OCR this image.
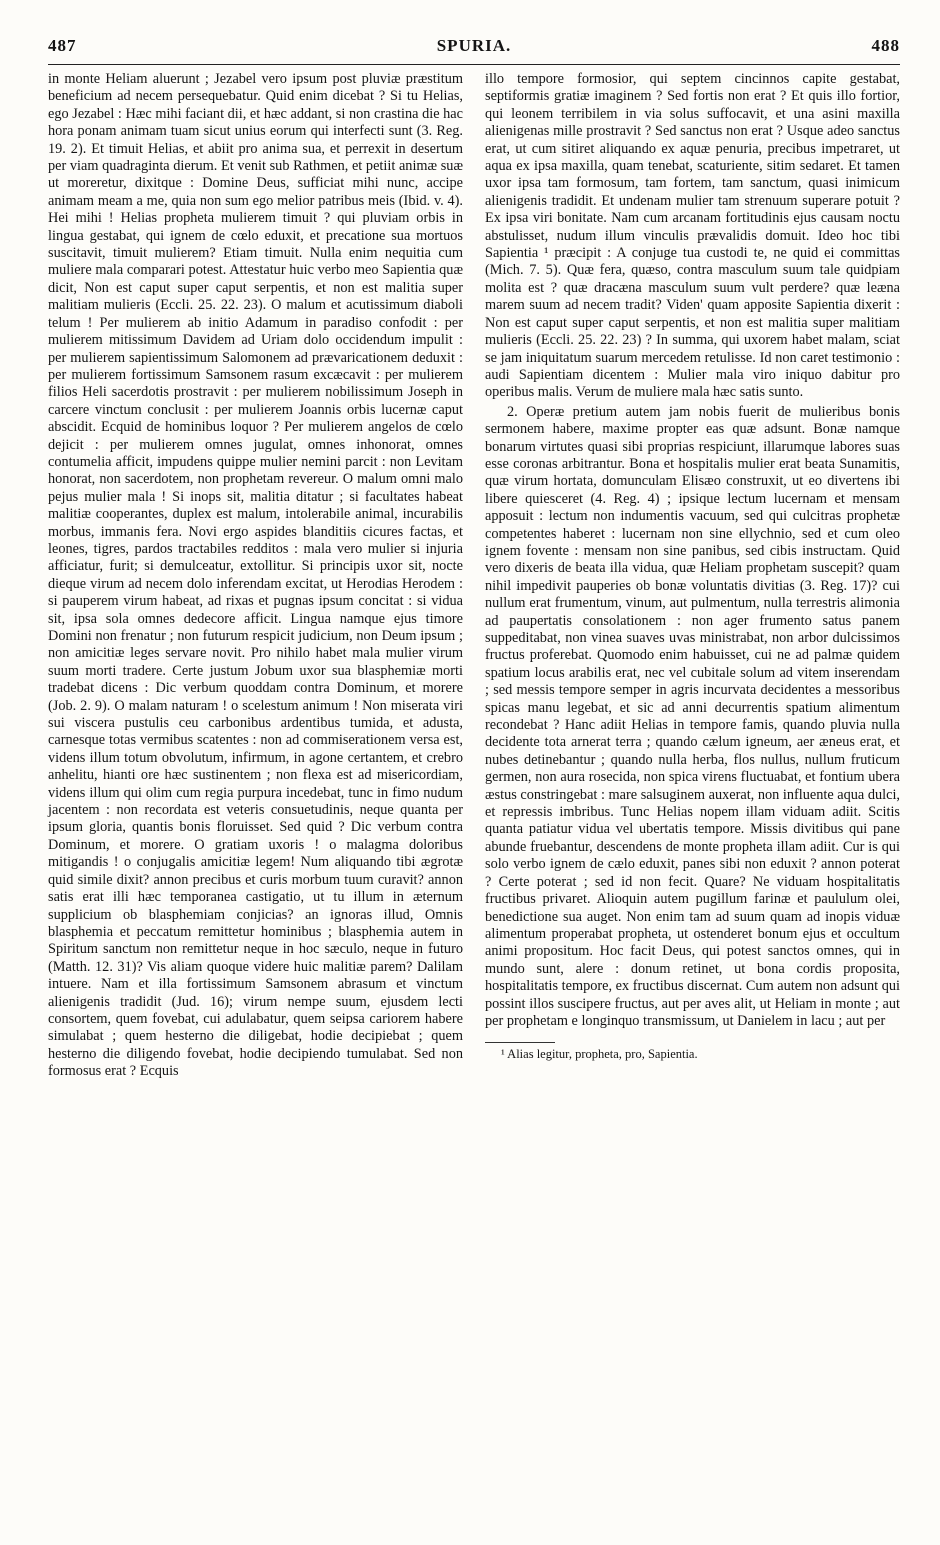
487	SPURIA.	488

in monte Heliam aluerunt ; Jezabel vero ipsum post pluviæ præstitum beneficium ad necem persequebatur. Quid enim dicebat ? Si tu Helias, ego Jezabel : Hæc mihi faciant dii, et hæc addant, si non crastina die hac hora ponam animam tuam sicut unius eorum qui interfecti sunt (3. Reg. 19. 2). Et timuit Helias, et abiit pro anima sua, et perrexit in desertum per viam quadraginta dierum. Et venit sub Rathmen, et petiit animæ suæ ut moreretur, dixitque : Domine Deus, sufficiat mihi nunc, accipe animam meam a me, quia non sum ego melior patribus meis (Ibid. v. 4). Hei mihi ! Helias propheta mulierem timuit ? qui pluviam orbis in lingua gestabat, qui ignem de cœlo eduxit, et precatione sua mortuos suscitavit, timuit mulierem? Etiam timuit. Nulla enim nequitia cum muliere mala comparari potest. Attestatur huic verbo meo Sapientia quæ dicit, Non est caput super caput serpentis, et non est malitia super malitiam mulieris (Eccli. 25. 22. 23). O malum et acutissimum diaboli telum ! Per mulierem ab initio Adamum in paradiso confodit : per mulierem mitissimum Davidem ad Uriam dolo occidendum impulit : per mulierem sapientissimum Salomonem ad prævaricationem deduxit : per mulierem fortissimum Samsonem rasum excæcavit : per mulierem filios Heli sacerdotis prostravit : per mulierem nobilissimum Joseph in carcere vinctum conclusit : per mulierem Joannis orbis lucernæ caput abscidit. Ecquid de hominibus loquor ? Per mulierem angelos de cœlo dejicit : per mulierem omnes jugulat, omnes inhonorat, omnes contumelia afficit, impudens quippe mulier nemini parcit : non Levitam honorat, non sacerdotem, non prophetam revereur. O malum omni malo pejus mulier mala ! Si inops sit, malitia ditatur ; si facultates habeat malitiæ cooperantes, duplex est malum, intolerabile animal, incurabilis morbus, immanis fera. Novi ergo aspides blanditiis cicures factas, et leones, tigres, pardos tractabiles redditos : mala vero mulier si injuria afficiatur, furit; si demulceatur, extollitur. Si principis uxor sit, nocte dieque virum ad necem dolo inferendam excitat, ut Herodias Herodem : si pauperem virum habeat, ad rixas et pugnas ipsum concitat : si vidua sit, ipsa sola omnes dedecore afficit. Lingua namque ejus timore Domini non frenatur ; non futurum respicit judicium, non Deum ipsum ; non amicitiæ leges servare novit. Pro nihilo habet mala mulier virum suum morti tradere. Certe justum Jobum uxor sua blasphemiæ morti tradebat dicens : Dic verbum quoddam contra Dominum, et morere (Job. 2. 9). O malam naturam ! o scelestum animum ! Non miserata viri sui viscera pustulis ceu carbonibus ardentibus tumida, et adusta, carnesque totas vermibus scatentes : non ad commiserationem versa est, videns illum totum obvolutum, infirmum, in agone certantem, et crebro anhelitu, hianti ore hæc sustinentem ; non flexa est ad misericordiam, videns illum qui olim cum regia purpura incedebat, tunc in fimo nudum jacentem : non recordata est veteris consuetudinis, neque quanta per ipsum gloria, quantis bonis floruisset. Sed quid ? Dic verbum contra Dominum, et morere. O gratiam uxoris ! o malagma doloribus mitigandis ! o conjugalis amicitiæ legem! Num aliquando tibi ægrotæ quid simile dixit? annon precibus et curis morbum tuum curavit? annon satis erat illi hæc temporanea castigatio, ut tu illum in æternum supplicium ob blasphemiam conjicias? an ignoras illud, Omnis blasphemia et peccatum remittetur hominibus ; blasphemia autem in Spiritum sanctum non remittetur neque in hoc sæculo, neque in futuro (Matth. 12. 31)? Vis aliam quoque videre huic malitiæ parem? Dalilam intuere. Nam et illa fortissimum Samsonem abrasum et vinctum alienigenis tradidit (Jud. 16); virum nempe suum, ejusdem lecti consortem, quem fovebat, cui adulabatur, quem seipsa cariorem habere simulabat ; quem hesterno die diligebat, hodie decipiebat ; quem hesterno die diligendo fovebat, hodie decipiendo tumulabat. Sed non formosus erat ? Ecquis

illo tempore formosior, qui septem cincinnos capite gestabat, septiformis gratiæ imaginem ? Sed fortis non erat ? Et quis illo fortior, qui leonem terribilem in via solus suffocavit, et una asini maxilla alienigenas mille prostravit ? Sed sanctus non erat ? Usque adeo sanctus erat, ut cum sitiret aliquando ex aquæ penuria, precibus impetraret, ut aqua ex ipsa maxilla, quam tenebat, scaturiente, sitim sedaret. Et tamen uxor ipsa tam formosum, tam fortem, tam sanctum, quasi inimicum alienigenis tradidit. Et undenam mulier tam strenuum superare potuit ? Ex ipsa viri bonitate. Nam cum arcanam fortitudinis ejus causam noctu abstulisset, nudum illum vinculis prævalidis domuit. Ideo hoc tibi Sapientia ¹ præcipit : A conjuge tua custodi te, ne quid ei committas (Mich. 7. 5). Quæ fera, quæso, contra masculum suum tale quidpiam molita est ? quæ dracæna masculum suum vult perdere? quæ leæna marem suum ad necem tradit? Viden' quam apposite Sapientia dixerit : Non est caput super caput serpentis, et non est malitia super malitiam mulieris (Eccli. 25. 22. 23) ? In summa, qui uxorem habet malam, sciat se jam iniquitatum suarum mercedem retulisse. Id non caret testimonio : audi Sapientiam dicentem : Mulier mala viro iniquo dabitur pro operibus malis. Verum de muliere mala hæc satis sunto.

2. Operæ pretium autem jam nobis fuerit de mulieribus bonis sermonem habere, maxime propter eas quæ adsunt. Bonæ namque bonarum virtutes quasi sibi proprias respiciunt, illarumque labores suas esse coronas arbitrantur. Bona et hospitalis mulier erat beata Sunamitis, quæ virum hortata, domunculam Elisæo construxit, ut eo divertens ibi libere quiesceret (4. Reg. 4) ; ipsique lectum lucernam et mensam apposuit : lectum non indumentis vacuum, sed qui culcitras prophetæ competentes haberet : lucernam non sine ellychnio, sed et cum oleo ignem fovente : mensam non sine panibus, sed cibis instructam. Quid vero dixeris de beata illa vidua, quæ Heliam prophetam suscepit? quam nihil impedivit pauperies ob bonæ voluntatis divitias (3. Reg. 17)? cui nullum erat frumentum, vinum, aut pulmentum, nulla terrestris alimonia ad paupertatis consolationem : non ager frumento satus panem suppeditabat, non vinea suaves uvas ministrabat, non arbor dulcissimos fructus proferebat. Quomodo enim habuisset, cui ne ad palmæ quidem spatium locus arabilis erat, nec vel cubitale solum ad vitem inserendam ; sed messis tempore semper in agris incurvata decidentes a messoribus spicas manu legebat, et sic ad anni decurrentis spatium alimentum recondebat ? Hanc adiit Helias in tempore famis, quando pluvia nulla decidente tota arnerat terra ; quando cælum igneum, aer æneus erat, et nubes detinebantur ; quando nulla herba, flos nullus, nullum fruticum germen, non aura rosecida, non spica virens fluctuabat, et fontium ubera æstus constringebat : mare salsuginem auxerat, non influente aqua dulci, et repressis imbribus. Tunc Helias nopem illam viduam adiit. Scitis quanta patiatur vidua vel ubertatis tempore. Missis divitibus qui pane abunde fruebantur, descendens de monte propheta illam adiit. Cur is qui solo verbo ignem de cælo eduxit, panes sibi non eduxit ? annon poterat ? Certe poterat ; sed id non fecit. Quare? Ne viduam hospitalitatis fructibus privaret. Alioquin autem pugillum farinæ et paululum olei, benedictione sua auget. Non enim tam ad suum quam ad inopis viduæ alimentum properabat propheta, ut ostenderet bonum ejus et occultum animi propositum. Hoc facit Deus, qui potest sanctos omnes, qui in mundo sunt, alere : donum retinet, ut bona cordis proposita, hospitalitatis tempore, ex fructibus discernat. Cum autem non adsunt qui possint illos suscipere fructus, aut per aves alit, ut Heliam in monte ; aut per prophetam e longinquo transmissum, ut Danielem in lacu ; aut per

¹ Alias legitur, propheta, pro, Sapientia.
